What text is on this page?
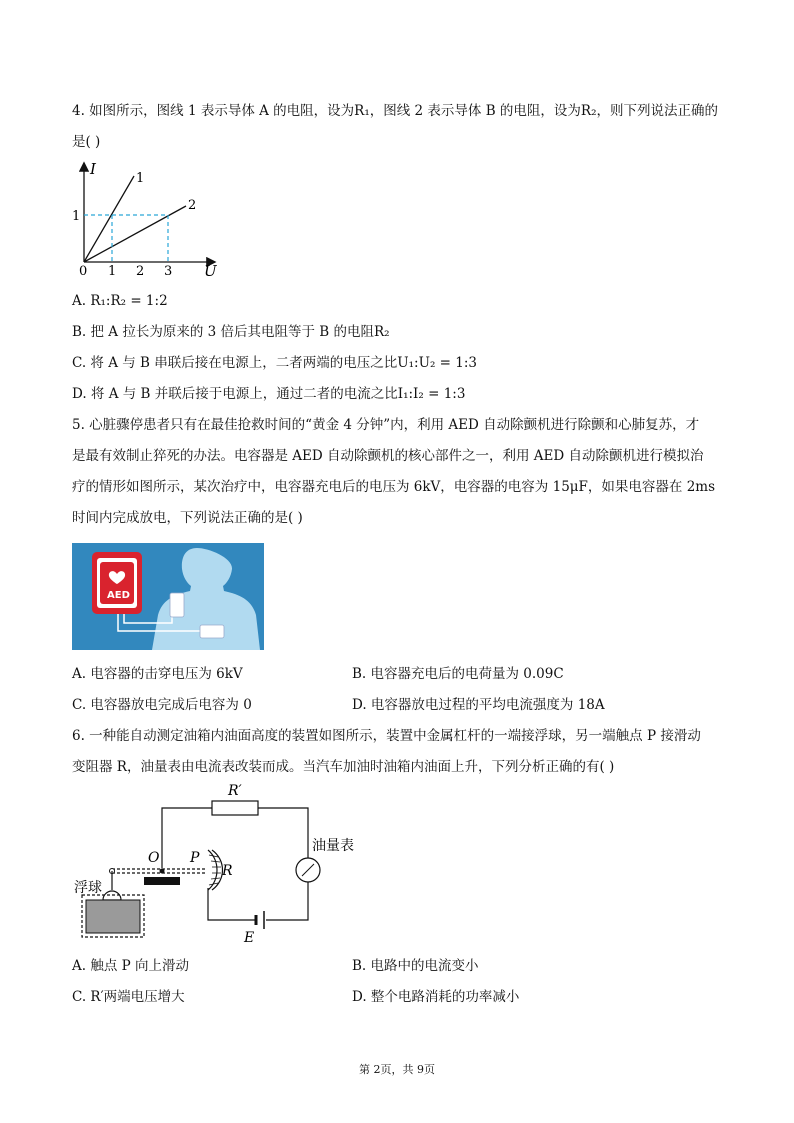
4. 如图所示，图线 1 表示导体 A 的电阻，设为R₁，图线 2 表示导体 B 的电阻，设为R₂，则下列说法正确的
是( )
I
U
0 1 2 3
1
1
2
A. R₁:R₂ = 1:2
B. 把 A 拉长为原来的 3 倍后其电阻等于 B 的电阻R₂
C. 将 A 与 B 串联后接在电源上，二者两端的电压之比U₁:U₂ = 1:3
D. 将 A 与 B 并联后接于电源上，通过二者的电流之比I₁:I₂ = 1:3
5. 心脏骤停患者只有在最佳抢救时间的“黄金 4 分钟”内，利用 AED 自动除颤机进行除颤和心肺复苏，才
是最有效制止猝死的办法。电容器是 AED 自动除颤机的核心部件之一，利用 AED 自动除颤机进行模拟治
疗的情形如图所示，某次治疗中，电容器充电后的电压为 6kV，电容器的电容为 15μF，如果电容器在 2ms
时间内完成放电，下列说法正确的是( )
AED
A. 电容器的击穿电压为 6kV	B. 电容器充电后的电荷量为 0.09C
C. 电容器放电完成后电容为 0	D. 电容器放电过程的平均电流强度为 18A
6. 一种能自动测定油箱内油面高度的装置如图所示，装置中金属杠杆的一端接浮球，另一端触点 P 接滑动
变阻器 R，油量表由电流表改装而成。当汽车加油时油箱内油面上升，下列分析正确的有( )
R′
O P
R
油量表
浮球
E
A. 触点 P 向上滑动	B. 电路中的电流变小
C. R′两端电压增大	D. 整个电路消耗的功率减小
第 2页，共 9页
